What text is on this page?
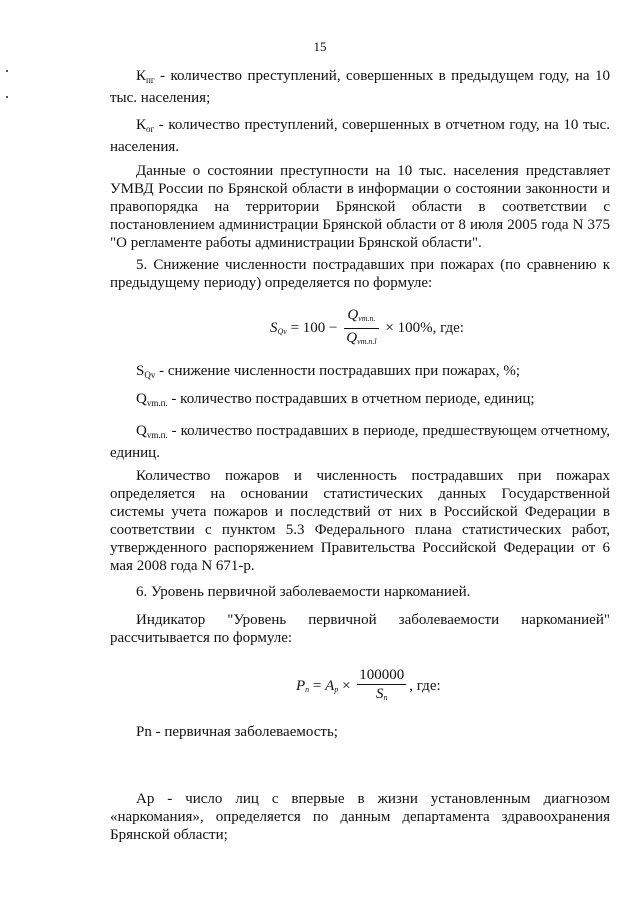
15

$К_{пг}$ - количество преступлений, совершенных в предыдущем году, на 10 тыс. населения;

$К_{ог}$ - количество преступлений, совершенных в отчетном году, на 10 тыс. населения.

Данные о состоянии преступности на 10 тыс. населения представляет УМВД России по Брянской области в информации о состоянии законности и правопорядка на территории Брянской области в соответствии с постановлением администрации Брянской области от 8 июля 2005 года N 375 "О регламенте работы администрации Брянской области".

5. Снижение численности пострадавших при пожарах (по сравнению к предыдущему периоду) определяется по формуле:

SQv = $100 - \frac{\text{Qvm.n.}}{\text{Qvm.n.l}} \times 100\%$, где:

$S_{Qv}$ - снижение численности пострадавших при пожарах, %;

$Q_{vm.п.}$ - количество пострадавших в отчетном периоде, единиц;

$Q_{vm.п.}$ - количество пострадавших в периоде, предшествующем отчетному, единиц.

Количество пожаров и численность пострадавших при пожарах определяется на основании статистических данных Государственной системы учета пожаров и последствий от них в Российской Федерации в соответствии с пунктом 5.3 Федерального плана статистических работ, утвержденного распоряжением Правительства Российской Федерации от 6 мая 2008 года N 671-р.

6. Уровень первичной заболеваемости наркоманией.

Индикатор "Уровень первичной заболеваемости наркоманией" рассчитывается по формуле:

$Pn = Ap \times \frac{100000}{Sn}$ , где:

Pn - первичная заболеваемость;

Ap - число лиц с впервые в жизни установленным диагнозом «наркомания», определяется по данным департамента здравоохранения Брянской области;
